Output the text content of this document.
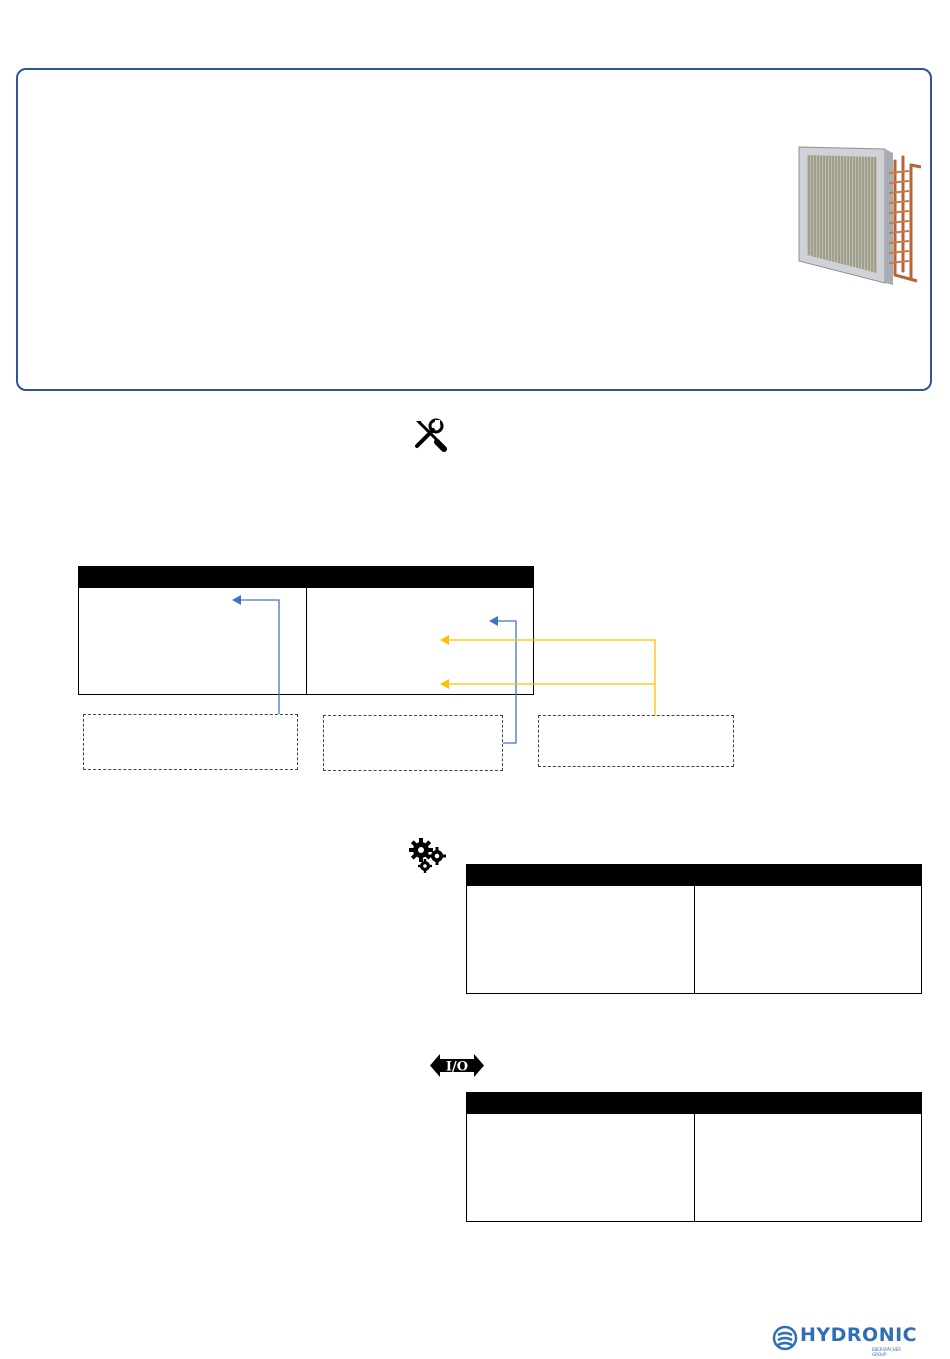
I/O
HYDRONIC
EBERSPÄCHER GROUP
